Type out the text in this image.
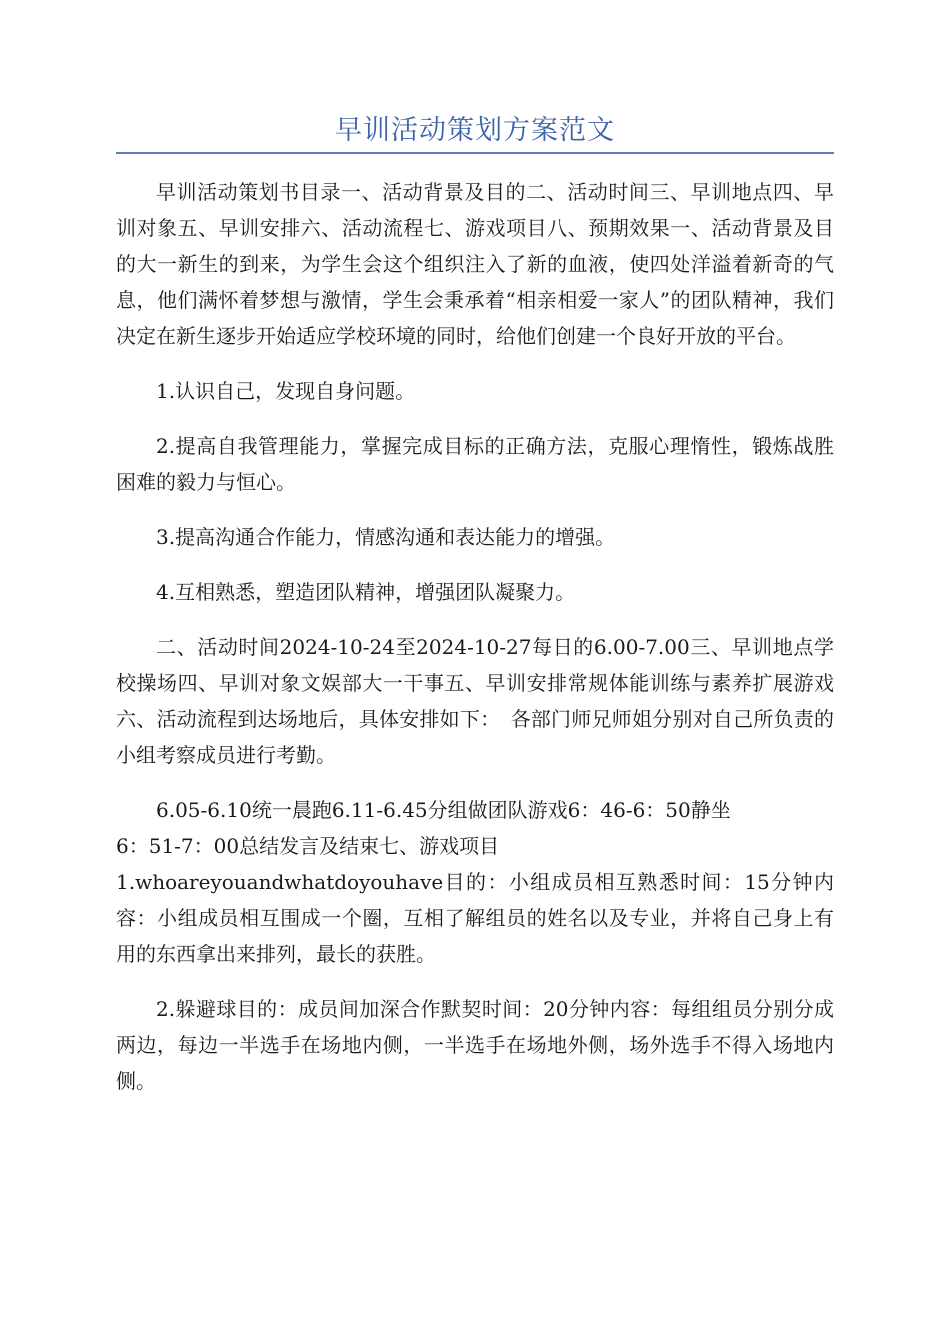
早训活动策划方案范文

早训活动策划书目录一、活动背景及目的二、活动时间三、早训地点四、早训对象五、早训安排六、活动流程七、游戏项目八、预期效果一、活动背景及目的大一新生的到来，为学生会这个组织注入了新的血液，使四处洋溢着新奇的气息，他们满怀着梦想与激情，学生会秉承着“相亲相爱一家人”的团队精神，我们决定在新生逐步开始适应学校环境的同时，给他们创建一个良好开放的平台。

1.认识自己，发现自身问题。

2.提高自我管理能力，掌握完成目标的正确方法，克服心理惰性，锻炼战胜困难的毅力与恒心。

3.提高沟通合作能力，情感沟通和表达能力的增强。

4.互相熟悉，塑造团队精神，增强团队凝聚力。

二、活动时间2024-10-24至2024-10-27每日的6.00-7.00三、早训地点学校操场四、早训对象文娱部大一干事五、早训安排常规体能训练与素养扩展游戏六、活动流程到达场地后，具体安排如下：　各部门师兄师姐分别对自己所负责的小组考察成员进行考勤。

6.05-6.10统一晨跑6.11-6.45分组做团队游戏6：46-6：50静坐

6：51-7：00总结发言及结束七、游戏项目

1.whoareyouandwhatdoyouhave目的：小组成员相互熟悉时间：15分钟内容：小组成员相互围成一个圈，互相了解组员的姓名以及专业，并将自己身上有用的东西拿出来排列，最长的获胜。

2.躲避球目的：成员间加深合作默契时间：20分钟内容：每组组员分别分成两边，每边一半选手在场地内侧，一半选手在场地外侧，场外选手不得入场地内侧。
